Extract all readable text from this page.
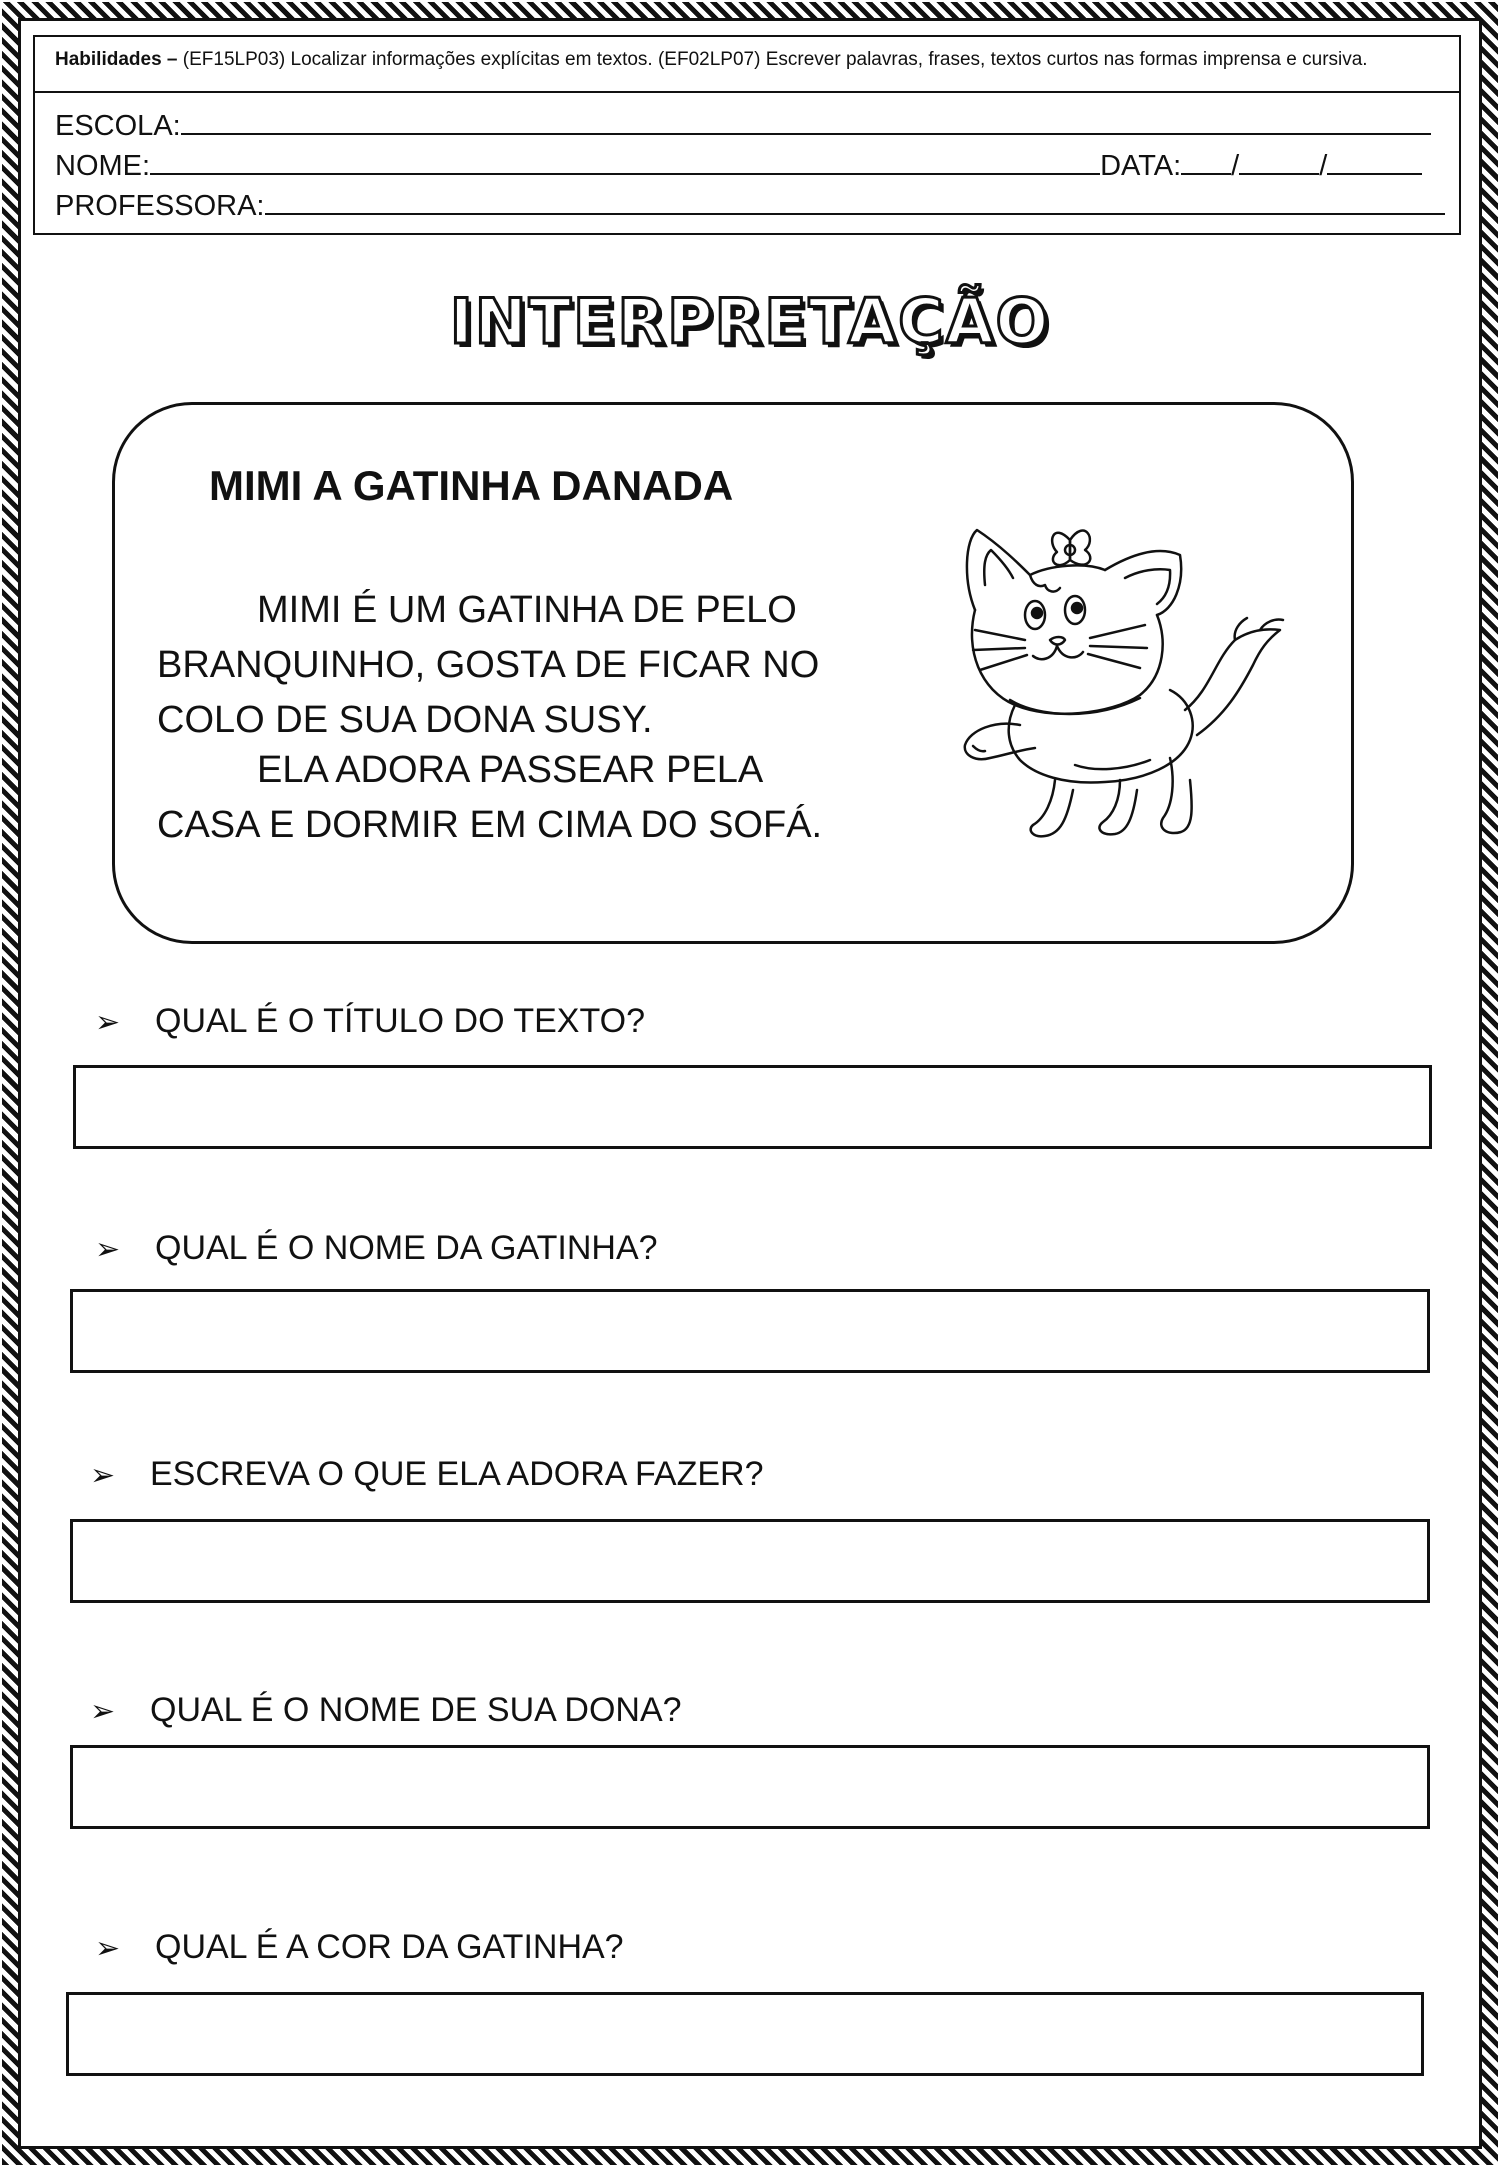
Habilidades – (EF15LP03) Localizar informações explícitas em textos. (EF02LP07) Escrever palavras, frases, textos curtos nas formas imprensa e cursiva.
ESCOLA:
NOME:	DATA: /	/
PROFESSORA:
INTERPRETAÇÃO
MIMI A GATINHA DANADA
MIMI É UM GATINHA DE PELO
BRANQUINHO, GOSTA DE FICAR NO
COLO DE SUA DONA SUSY.
ELA ADORA PASSEAR PELA
CASA E DORMIR EM CIMA DO SOFÁ.
➢ QUAL É O TÍTULO DO TEXTO?
➢ QUAL É O NOME DA GATINHA?
➢ ESCREVA O QUE ELA ADORA FAZER?
➢ QUAL É O NOME DE SUA DONA?
➢ QUAL É A COR DA GATINHA?
